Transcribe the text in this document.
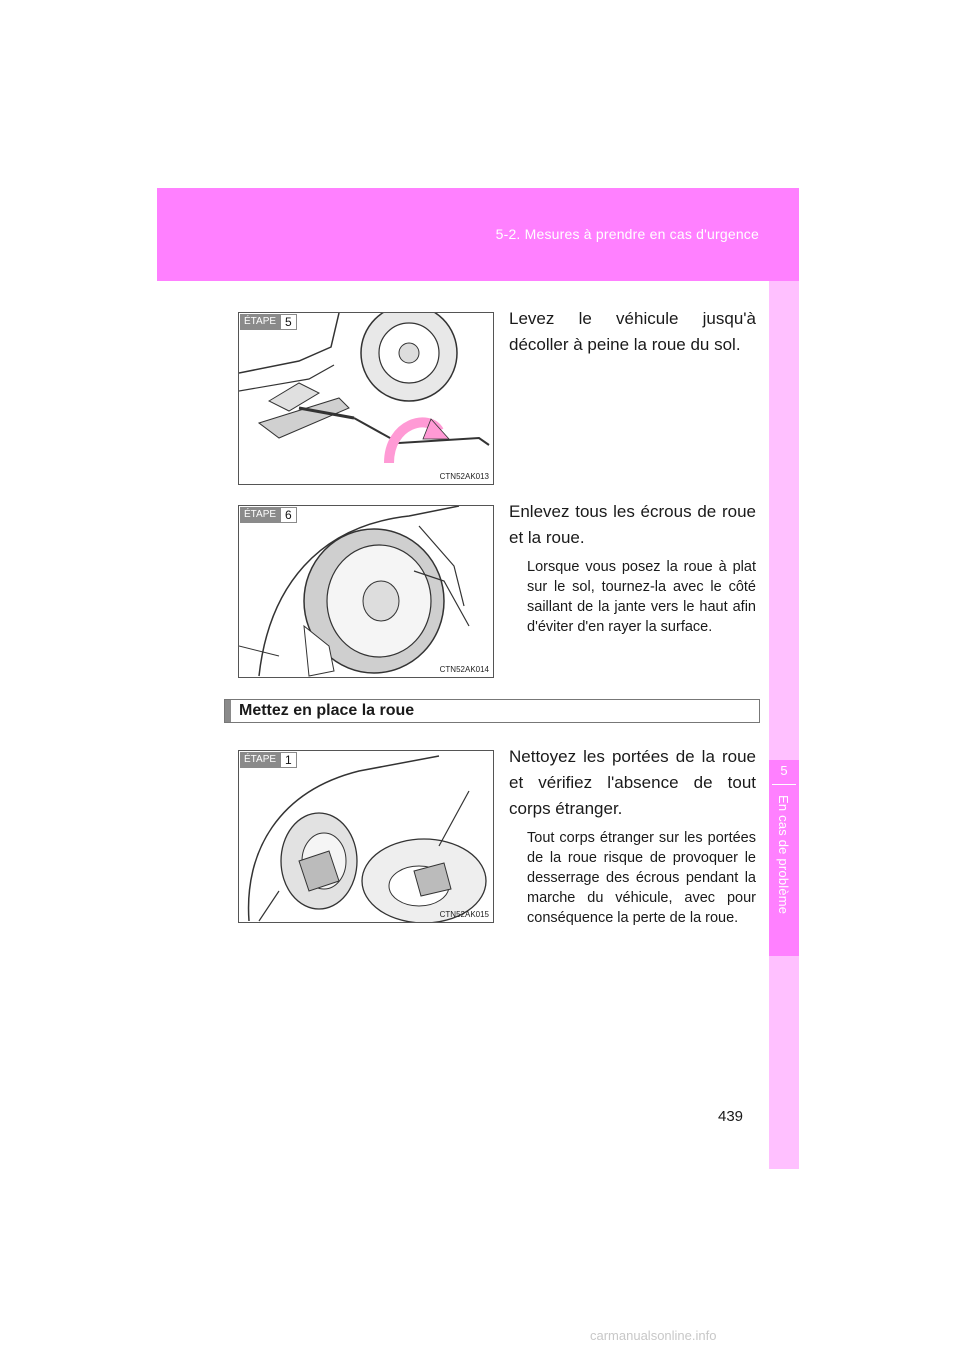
5-2. Mesures à prendre en cas d'urgence
5
En cas de problème
ÉTAPE 5
CTN52AK013
Levez le véhicule jusqu'à décoller à peine la roue du sol.
ÉTAPE 6
CTN52AK014
Enlevez tous les écrous de roue et la roue.
Lorsque vous posez la roue à plat sur le sol, tournez-la avec le côté saillant de la jante vers le haut afin d'éviter d'en rayer la surface.
Mettez en place la roue
ÉTAPE 1
CTN52AK015
Nettoyez les portées de la roue et vérifiez l'absence de tout corps étranger.
Tout corps étranger sur les portées de la roue risque de provoquer le desserrage des écrous pendant la marche du véhicule, avec pour conséquence la perte de la roue.
439
carmanualsonline.info
